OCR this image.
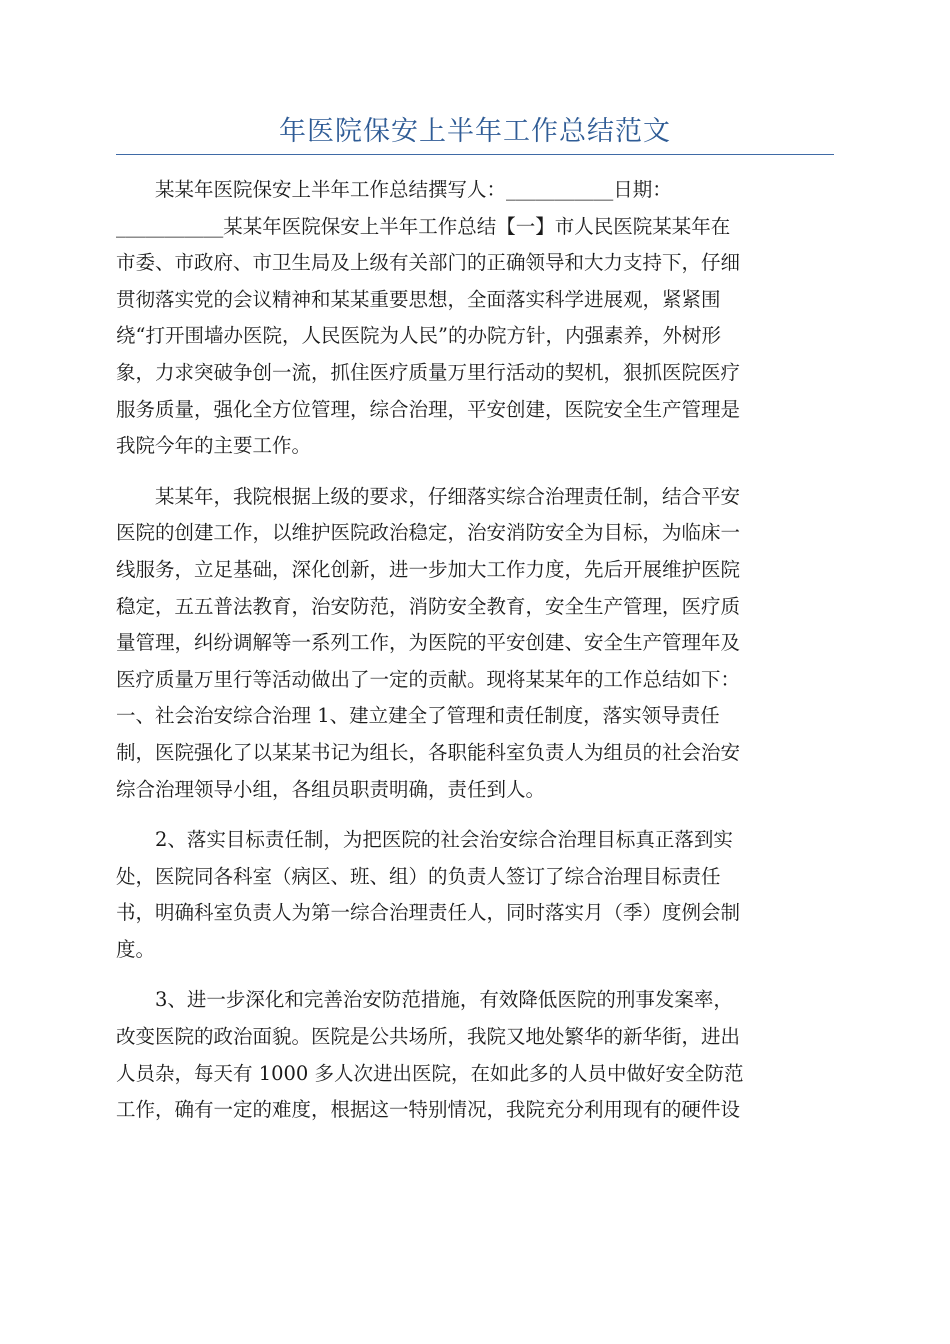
年医院保安上半年工作总结范文

某某年医院保安上半年工作总结撰写人：___________日期：
___________某某年医院保安上半年工作总结【一】市人民医院某某年在
市委、市政府、市卫生局及上级有关部门的正确领导和大力支持下，仔细
贯彻落实党的会议精神和某某重要思想，全面落实科学进展观，紧紧围
绕“打开围墙办医院，人民医院为人民”的办院方针，内强素养，外树形
象，力求突破争创一流，抓住医疗质量万里行活动的契机，狠抓医院医疗
服务质量，强化全方位管理，综合治理，平安创建，医院安全生产管理是
我院今年的主要工作。

某某年，我院根据上级的要求，仔细落实综合治理责任制，结合平安
医院的创建工作，以维护医院政治稳定，治安消防安全为目标，为临床一
线服务，立足基础，深化创新，进一步加大工作力度，先后开展维护医院
稳定，五五普法教育，治安防范，消防安全教育，安全生产管理，医疗质
量管理，纠纷调解等一系列工作，为医院的平安创建、安全生产管理年及
医疗质量万里行等活动做出了一定的贡献。现将某某年的工作总结如下：
一、社会治安综合治理 1、建立建全了管理和责任制度，落实领导责任
制，医院强化了以某某书记为组长，各职能科室负责人为组员的社会治安
综合治理领导小组，各组员职责明确，责任到人。

2、落实目标责任制，为把医院的社会治安综合治理目标真正落到实
处，医院同各科室（病区、班、组）的负责人签订了综合治理目标责任
书，明确科室负责人为第一综合治理责任人，同时落实月（季）度例会制
度。

3、进一步深化和完善治安防范措施，有效降低医院的刑事发案率，
改变医院的政治面貌。医院是公共场所，我院又地处繁华的新华街，进出
人员杂，每天有 1000 多人次进出医院，在如此多的人员中做好安全防范
工作，确有一定的难度，根据这一特别情况，我院充分利用现有的硬件设
